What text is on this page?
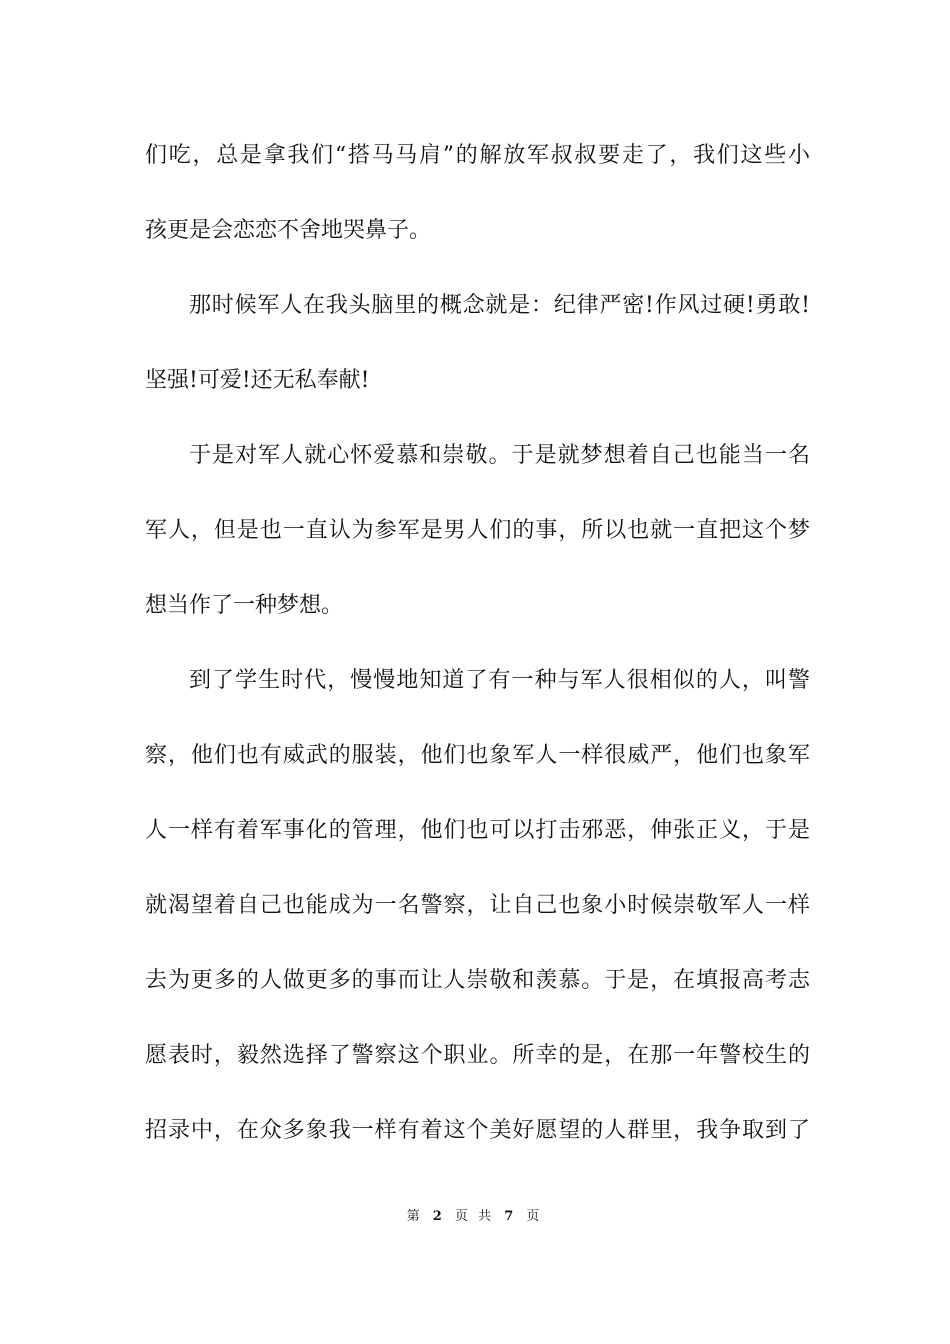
们吃，总是拿我们“搭马马肩”的解放军叔叔要走了，我们这些小
孩更是会恋恋不舍地哭鼻子。
那时候军人在我头脑里的概念就是：纪律严密!作风过硬!勇敢!
坚强!可爱!还无私奉献!
于是对军人就心怀爱慕和崇敬。于是就梦想着自己也能当一名
军人，但是也一直认为参军是男人们的事，所以也就一直把这个梦
想当作了一种梦想。
到了学生时代，慢慢地知道了有一种与军人很相似的人，叫警
察，他们也有威武的服装，他们也象军人一样很威严，他们也象军
人一样有着军事化的管理，他们也可以打击邪恶，伸张正义，于是
就渴望着自己也能成为一名警察，让自己也象小时候崇敬军人一样
去为更多的人做更多的事而让人崇敬和羡慕。于是，在填报高考志
愿表时，毅然选择了警察这个职业。所幸的是，在那一年警校生的
招录中，在众多象我一样有着这个美好愿望的人群里，我争取到了
第 2 页 共 7 页
